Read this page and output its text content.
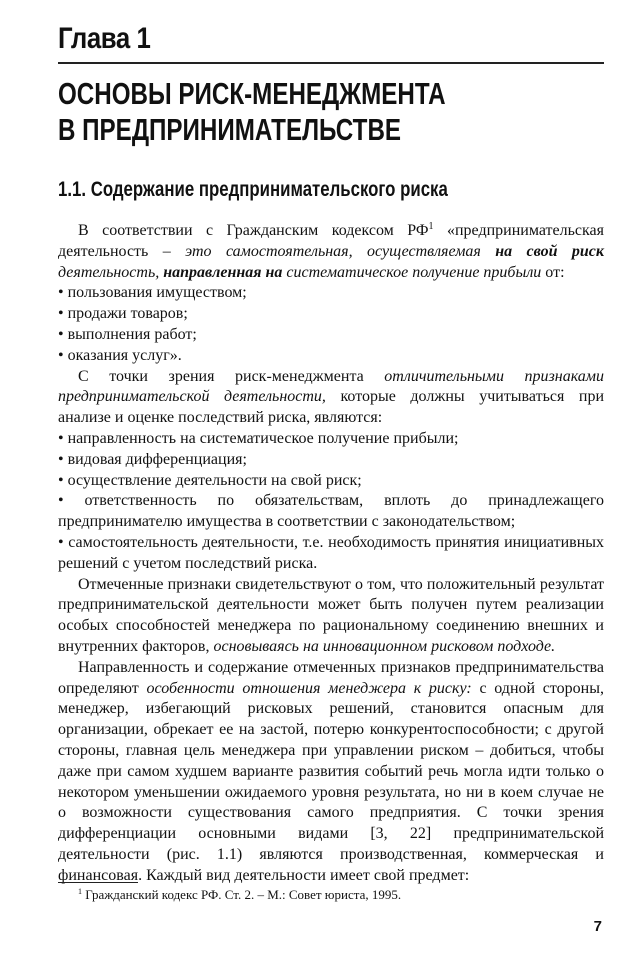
Глава 1
ОСНОВЫ РИСК-МЕНЕДЖМЕНТА
В ПРЕДПРИНИМАТЕЛЬСТВЕ
1.1. Содержание предпринимательского риска

В соответствии с Гражданским кодексом $РФ^1$ «предпринимательская деятельность – это самостоятельная, осуществляемая на свой риск деятельность, направленная на систематическое получение прибыли от:

• пользования имуществом;

• продажи товаров;

• выполнения работ;

• оказания услуг».

С точки зрения риск-менеджмента отличительными признаками предпринимательской деятельности, которые должны учитываться при анализе и оценке последствий риска, являются:

• направленность на систематическое получение прибыли;

• видовая дифференциация;

• осуществление деятельности на свой риск;

• ответственность по обязательствам, вплоть до принадлежащего предпринимателю имущества в соответствии с законодательством;

• самостоятельность деятельности, т.е. необходимость принятия инициативных решений с учетом последствий риска.

Отмеченные признаки свидетельствуют о том, что положительный результат предпринимательской деятельности может быть получен путем реализации особых способностей менеджера по рациональному соединению внешних и внутренних факторов, основываясь на инновационном рисковом подходе.

Направленность и содержание отмеченных признаков предпринимательства определяют особенности отношения менеджера к риску: с одной стороны, менеджер, избегающий рисковых решений, становится опасным для организации, обрекает ее на застой, потерю конкурентоспособности; с другой стороны, главная цель менеджера при управлении риском – добиться, чтобы даже при самом худшем варианте развития событий речь могла идти только о некотором уменьшении ожидаемого уровня результата, но ни в коем случае не о возможности существования самого предприятия. С точки зрения дифференциации основными видами [3, 22] предпринимательской деятельности (рис. 1.1) являются производственная, коммерческая и финансовая. Каждый вид деятельности имеет свой предмет:

$^1$ Гражданский кодекс РФ. Ст. 2. – М.: Совет юриста, 1995.
7
